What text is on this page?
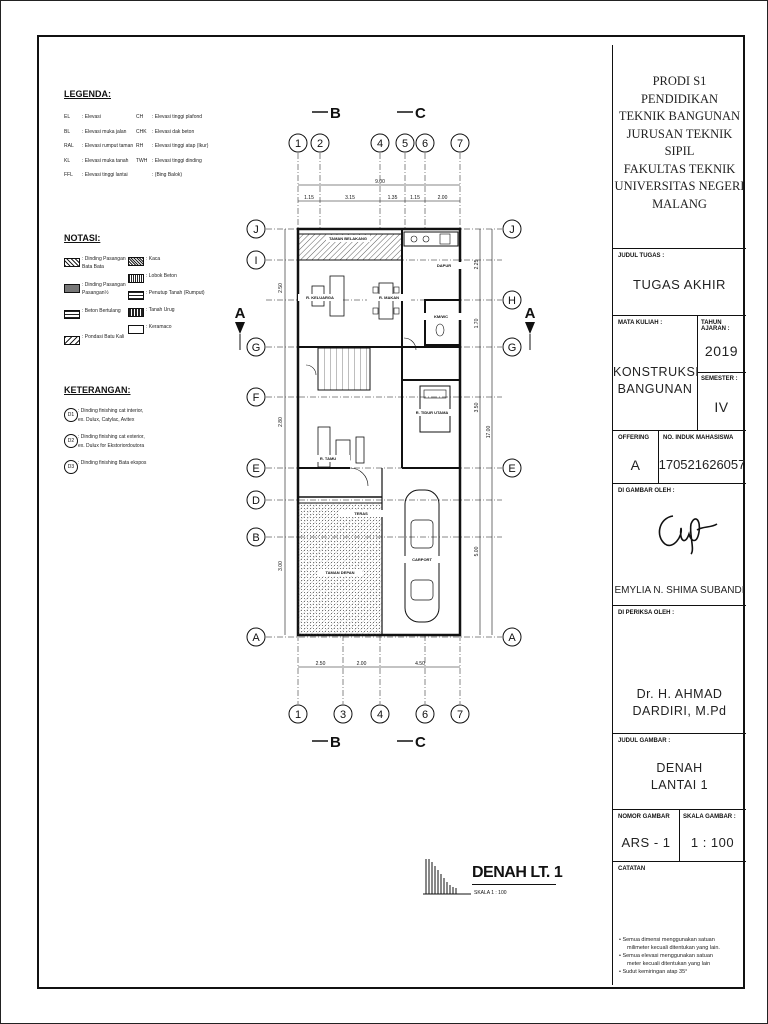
LEGENDA:
EL : Elevasi	CH : Elevasi tinggi plafond
BL : Elevasi muka jalan CHK : Elevasi dak beton
RAL : Elevasi rumput taman RH : Elevasi tinggi atap (Ikur)
KL : Elevasi muka tanah TWH : Elevasi tinggi dinding
FFL : Elevasi tinggi lantai	: (Bing Balok)
NOTASI:
: Dinding Pasangan
Bata Bata
: Dinding Pasangan
Pasangan½
: Beton Bertulang
: Pondasi Batu Kali
: Kaca
: Lobok Beton
: Penutup Tanah (Rumput)
: Tanah Urug
: Keramaco
KETERANGAN:
D1
: Dinding finishing cat interior,
ex. Dulux, Catylac, Avitex
D2
: Dinding finishing cat exterior,
ex. Dulux for Ekstoriordoutora
D3
: Dinding finishing Bata ekspos
1 2	4 5 6	7
1	3	4	6	7
J	J
I
H
G	G
F
E	E
D
B
A	A
B	C
B	C
A	A
9.00
1.15	3.15	1.35	1.15	2.00
2.50	2.00	4.50
2.50
2.80
3.00
2.25
1.70
3.50
17.00
5.00
TAMAN BELAKANG
DAPUR
R. MAKAN
KM/WC
R. KELUARGA
R. TIDUR UTAMA
R. TAMU
TERAS
CARPORT
TAMAN DEPAN
DENAH LT. 1
SKALA 1 : 100
PRODI S1 PENDIDIKAN
TEKNIK BANGUNAN
JURUSAN TEKNIK
SIPIL
FAKULTAS TEKNIK
UNIVERSITAS NEGERI
MALANG
JUDUL TUGAS :
TUGAS AKHIR
MATA KULIAH :
KONSTRUKSI
BANGUNAN
TAHUN AJARAN :
2019
SEMESTER :
IV
OFFERING
A
NO. INDUK MAHASISWA
170521626057
DI GAMBAR OLEH :
EMYLIA N. SHIMA SUBANDI
DI PERIKSA OLEH :
Dr. H. AHMAD
DARDIRI, M.Pd
JUDUL GAMBAR :
DENAH
LANTAI 1
NOMOR GAMBAR
ARS - 1
SKALA GAMBAR :
1 : 100
CATATAN
• Semua dimensi menggunakan satuan
milimeter kecuali ditentukan yang lain.
• Semua elevasi menggunakan satuan
meter kecuali ditentukan yang lain
• Sudut kemiringan atap 35°
